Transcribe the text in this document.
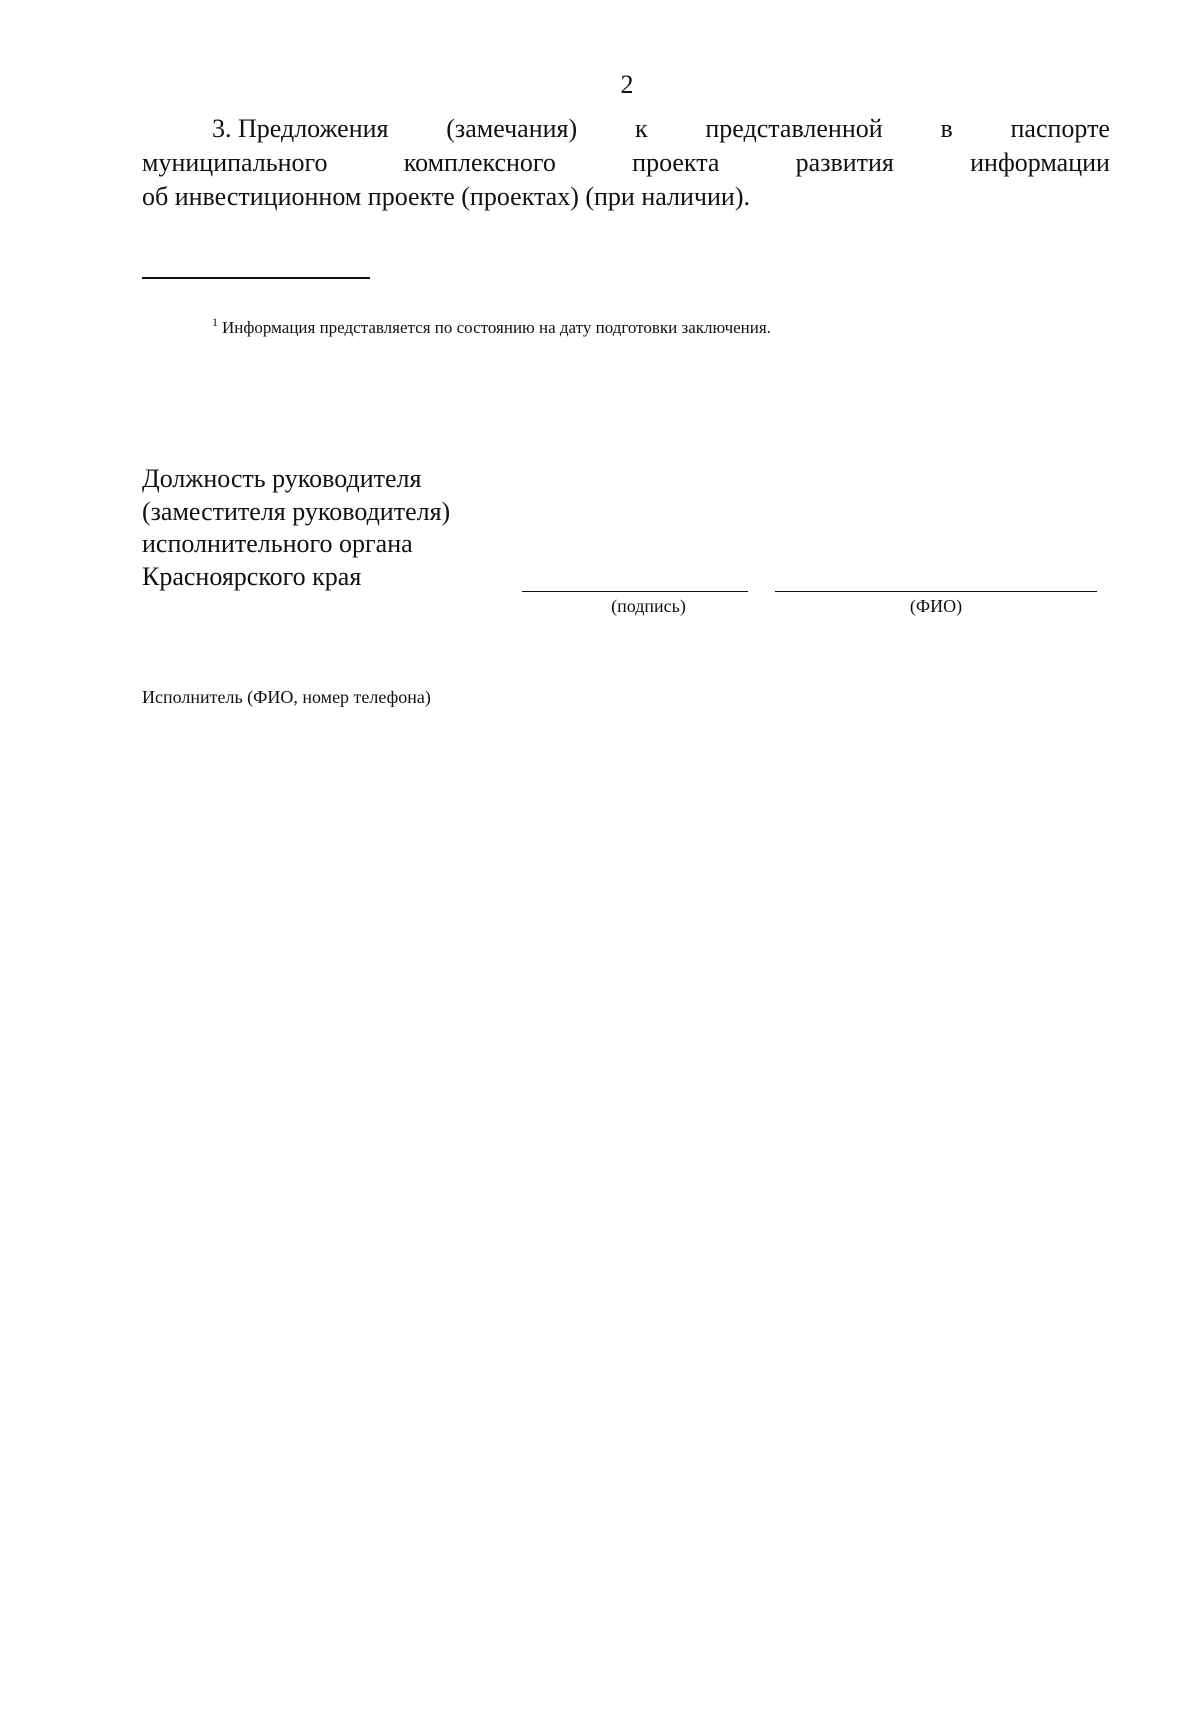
2
3. Предложения (замечания) к представленной в паспорте
муниципального	комплексного	проекта	развития	информации
об инвестиционном проекте (проектах) (при наличии).
$^1$ Информация представляется по состоянию на дату подготовки заключения.
Должность руководителя
(заместителя руководителя)
исполнительного органа
Красноярского края
(подпись)	(ФИО)
Исполнитель (ФИО, номер телефона)
